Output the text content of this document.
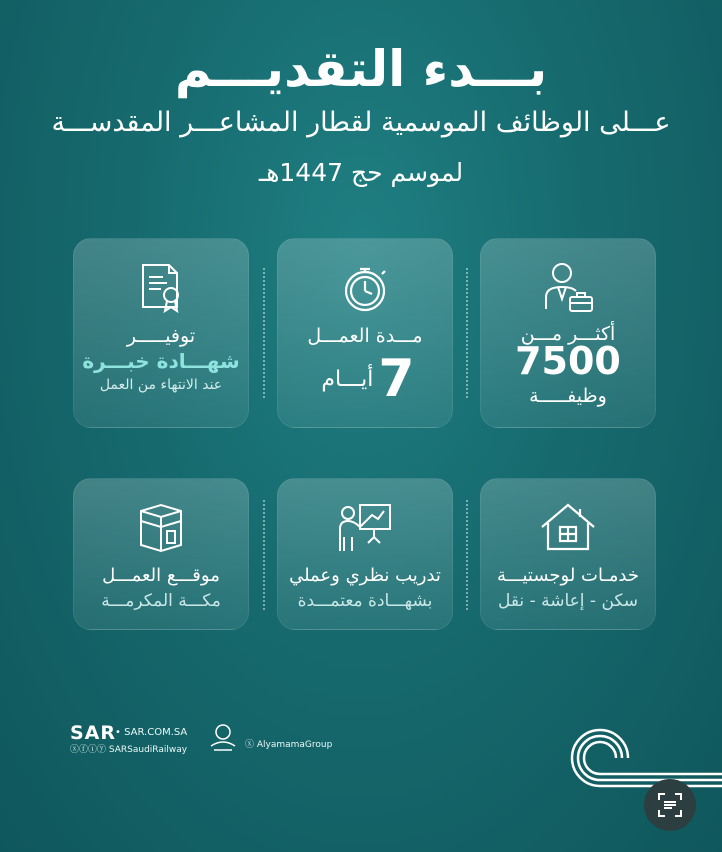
بـــدء التقديـــم
عـــلى الوظائف الموسمية لقطار المشاعـــر المقدســـة
لموسم حج 1447هـ
أكثـــر مـــن
7500
وظيفـــــة
مـــدة العمـــل
7 أيـــام
توفيـــــر
شهـــادة خبـــرة
عند الانتهاء من العمل
خدمـات لوجستيـــة
سكن - إعاشة - نقل
تدريب نظري وعملي
بشهـــادة معتمـــدة
موقـــع العمـــل
مكـــة المكرمـــة
SAR
• SAR.COM.SA
ⓧⓕⓘⓨ SARSaudiRailway	ⓧ AlyamamaGroup
